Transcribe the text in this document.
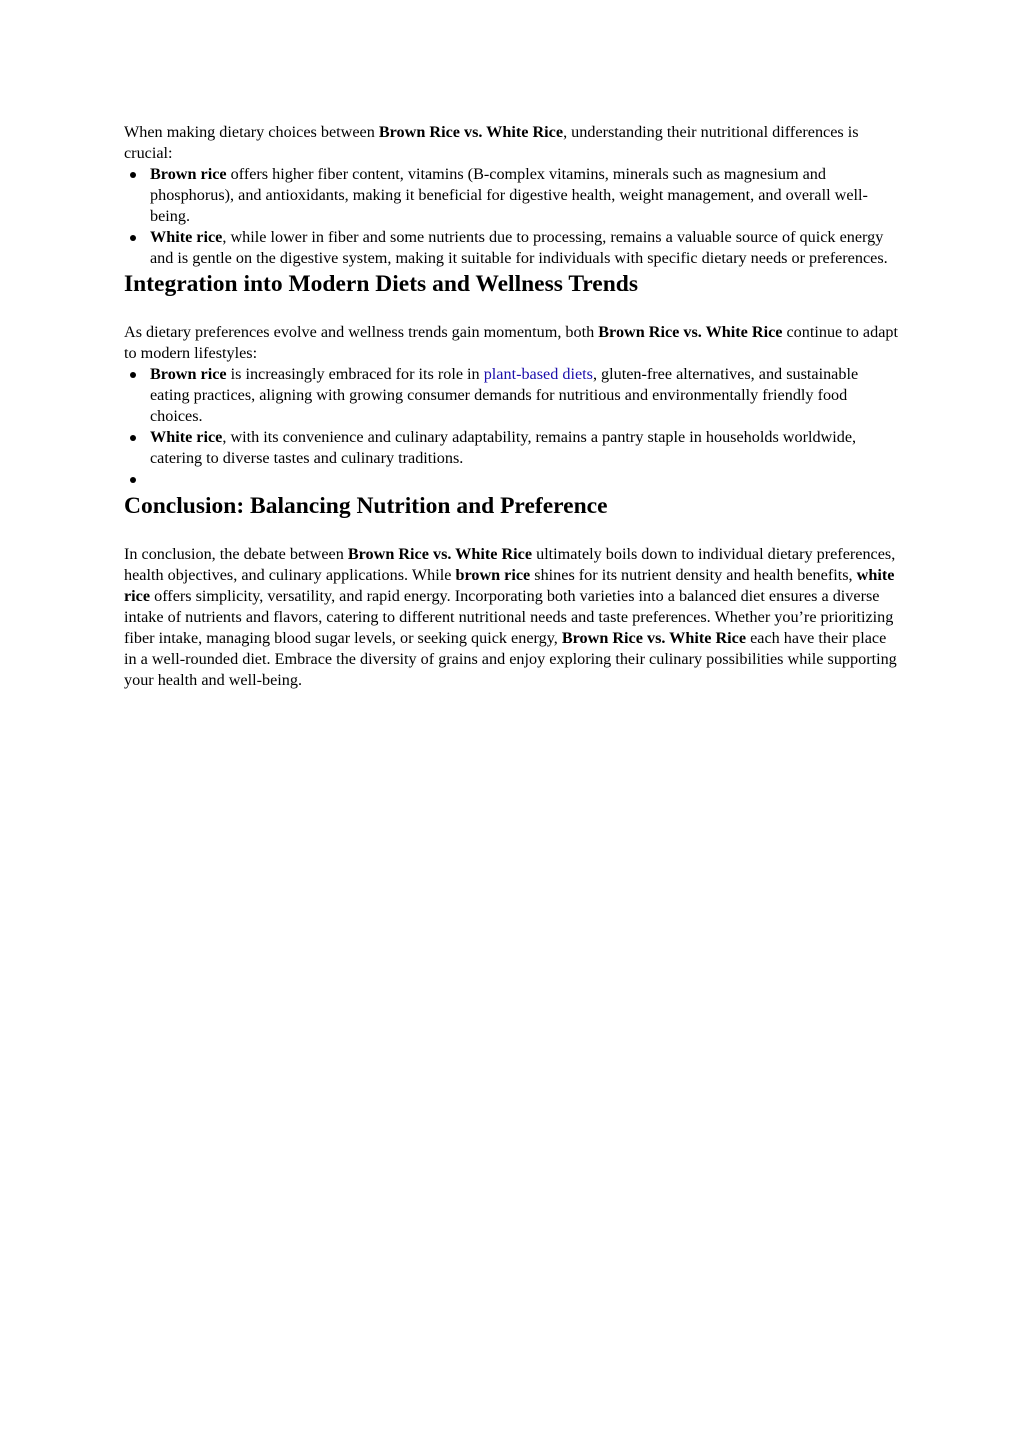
When making dietary choices between Brown Rice vs. White Rice, understanding their nutritional differences is crucial:

Brown rice offers higher fiber content, vitamins (B-complex vitamins, minerals such as magnesium and phosphorus), and antioxidants, making it beneficial for digestive health, weight management, and overall well-being.
White rice, while lower in fiber and some nutrients due to processing, remains a valuable source of quick energy and is gentle on the digestive system, making it suitable for individuals with specific dietary needs or preferences.
Integration into Modern Diets and Wellness Trends

As dietary preferences evolve and wellness trends gain momentum, both Brown Rice vs. White Rice continue to adapt to modern lifestyles:

Brown rice is increasingly embraced for its role in plant-based diets, gluten-free alternatives, and sustainable eating practices, aligning with growing consumer demands for nutritious and environmentally friendly food choices.
White rice, with its convenience and culinary adaptability, remains a pantry staple in households worldwide, catering to diverse tastes and culinary traditions.
Conclusion: Balancing Nutrition and Preference

In conclusion, the debate between Brown Rice vs. White Rice ultimately boils down to individual dietary preferences, health objectives, and culinary applications. While brown rice shines for its nutrient density and health benefits, white rice offers simplicity, versatility, and rapid energy. Incorporating both varieties into a balanced diet ensures a diverse intake of nutrients and flavors, catering to different nutritional needs and taste preferences. Whether you’re prioritizing fiber intake, managing blood sugar levels, or seeking quick energy, Brown Rice vs. White Rice each have their place in a well-rounded diet. Embrace the diversity of grains and enjoy exploring their culinary possibilities while supporting your health and well-being.
